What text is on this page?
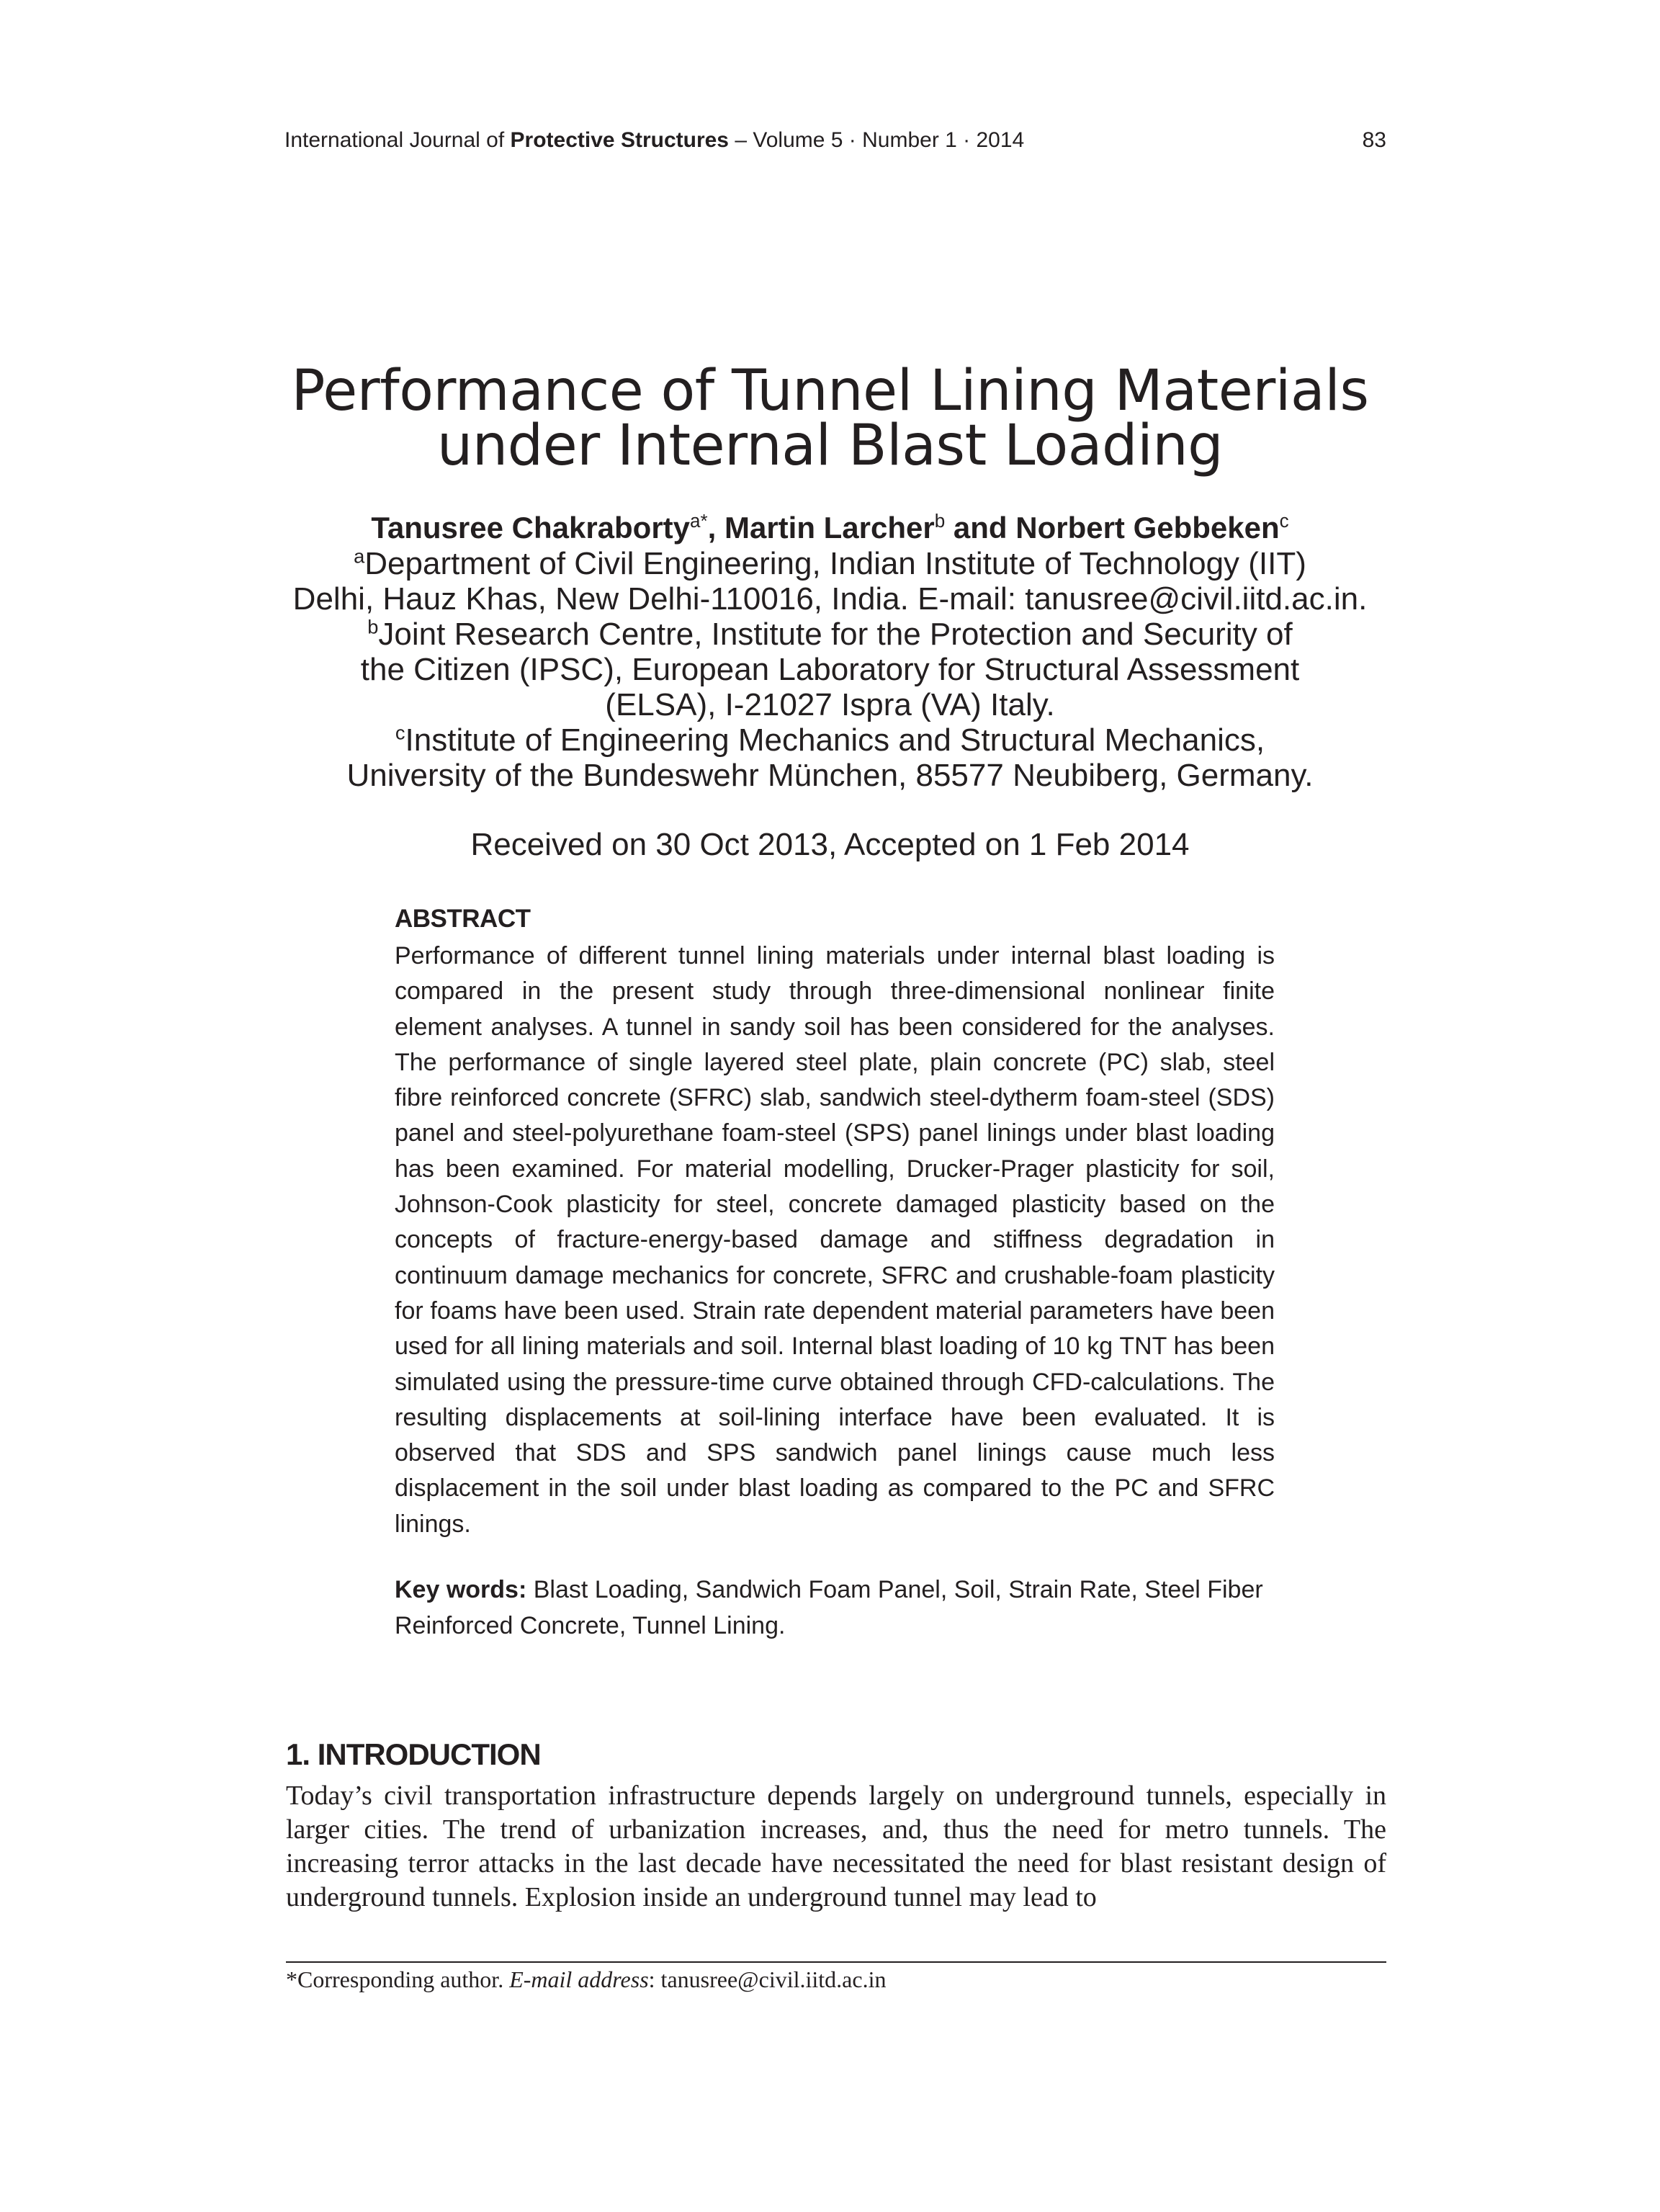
International Journal of Protective Structures – Volume 5 · Number 1 · 2014	83
Performance of Tunnel Lining Materials
under Internal Blast Loading
Tanusree Chakraborty$^{a*}$, Martin Larcher$^b$ and Norbert Gebbeken$^c$
$^a$Department of Civil Engineering, Indian Institute of Technology (IIT)
Delhi, Hauz Khas, New Delhi-110016, India. E-mail: tanusree@civil.iitd.ac.in.
$^b$Joint Research Centre, Institute for the Protection and Security of
the Citizen (IPSC), European Laboratory for Structural Assessment
(ELSA), I-21027 Ispra (VA) Italy.
$^c$Institute of Engineering Mechanics and Structural Mechanics,
University of the Bundeswehr München, 85577 Neubiberg, Germany.
Received on 30 Oct 2013, Accepted on 1 Feb 2014
ABSTRACT
Performance of different tunnel lining materials under internal blast loading is compared in the present study through three-dimensional nonlinear finite element analyses. A tunnel in sandy soil has been considered for the analyses. The performance of single layered steel plate, plain concrete (PC) slab, steel fibre reinforced concrete (SFRC) slab, sandwich steel-dytherm foam-steel (SDS) panel and steel-polyurethane foam-steel (SPS) panel linings under blast loading has been examined. For material modelling, Drucker-Prager plasticity for soil, Johnson-Cook plasticity for steel, concrete damaged plasticity based on the concepts of fracture-energy-based damage and stiffness degradation in continuum damage mechanics for concrete, SFRC and crushable-foam plasticity for foams have been used. Strain rate dependent material parameters have been used for all lining materials and soil. Internal blast loading of 10 kg TNT has been simulated using the pressure-time curve obtained through CFD-calculations. The resulting displacements at soil-lining interface have been evaluated. It is observed that SDS and SPS sandwich panel linings cause much less displacement in the soil under blast loading as compared to the PC and SFRC linings.
Key words: Blast Loading, Sandwich Foam Panel, Soil, Strain Rate, Steel Fiber Reinforced Concrete, Tunnel Lining.
1. INTRODUCTION
Today’s civil transportation infrastructure depends largely on underground tunnels, especially in larger cities. The trend of urbanization increases, and, thus the need for metro tunnels. The increasing terror attacks in the last decade have necessitated the need for blast resistant design of underground tunnels. Explosion inside an underground tunnel may lead to
*Corresponding author. E-mail address: tanusree@civil.iitd.ac.in
